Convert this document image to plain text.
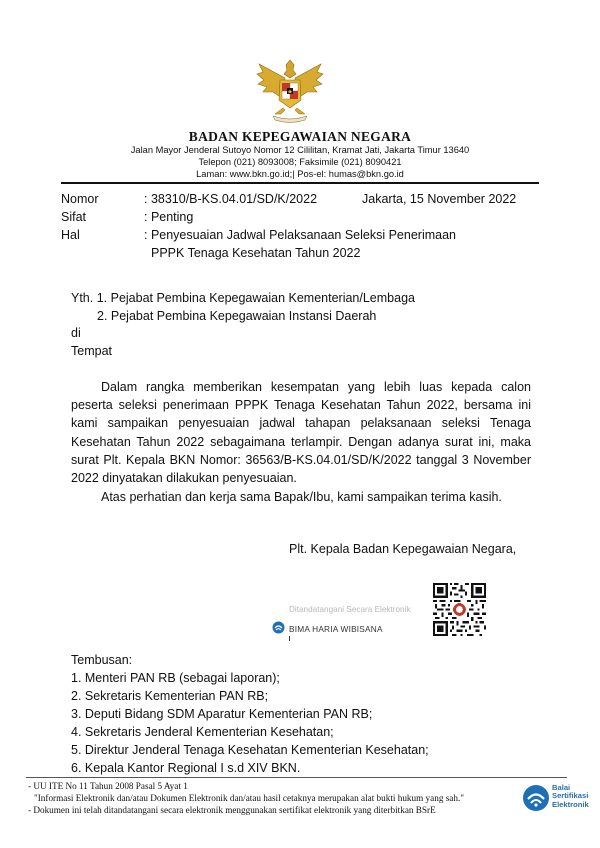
BADAN KEPEGAWAIAN NEGARA
Jalan Mayor Jenderal Sutoyo Nomor 12 Cililitan, Kramat Jati, Jakarta Timur 13640
Telepon (021) 8093008; Faksimile (021) 8090421
Laman: www.bkn.go.id;| Pos-el: humas@bkn.go.id
Nomor	: 38310/B-KS.04.01/SD/K/2022	Jakarta, 15 November 2022
Sifat	: Penting
Hal	: Penyesuaian Jadwal Pelaksanaan Seleksi Penerimaan
PPPK Tenaga Kesehatan Tahun 2022
Yth. 1. Pejabat Pembina Kepegawaian Kementerian/Lembaga
2. Pejabat Pembina Kepegawaian Instansi Daerah
di
Tempat
Dalam rangka memberikan kesempatan yang lebih luas kepada calon peserta seleksi penerimaan PPPK Tenaga Kesehatan Tahun 2022, bersama ini kami sampaikan penyesuaian jadwal tahapan pelaksanaan seleksi Tenaga Kesehatan Tahun 2022 sebagaimana terlampir. Dengan adanya surat ini, maka surat Plt. Kepala BKN Nomor: 36563/B-KS.04.01/SD/K/2022 tanggal 3 November 2022 dinyatakan dilakukan penyesuaian.
Atas perhatian dan kerja sama Bapak/Ibu, kami sampaikan terima kasih.
Plt. Kepala Badan Kepegawaian Negara,
Ditandatangani Secara Elektronik
BIMA HARIA WIBISANA
Tembusan:
1. Menteri PAN RB (sebagai laporan);
2. Sekretaris Kementerian PAN RB;
3. Deputi Bidang SDM Aparatur Kementerian PAN RB;
4. Sekretaris Jenderal Kementerian Kesehatan;
5. Direktur Jenderal Tenaga Kesehatan Kementerian Kesehatan;
6. Kepala Kantor Regional I s.d XIV BKN.
- UU ITE No 11 Tahun 2008 Pasal 5 Ayat 1
"Informasi Elektronik dan/atau Dokumen Elektronik dan/atau hasil cetaknya merupakan alat bukti hukum yang sah."
- Dokumen ini telah ditandatangani secara elektronik menggunakan sertifikat elektronik yang diterbitkan BSrE
Balai
Sertifikasi
Elektronik
